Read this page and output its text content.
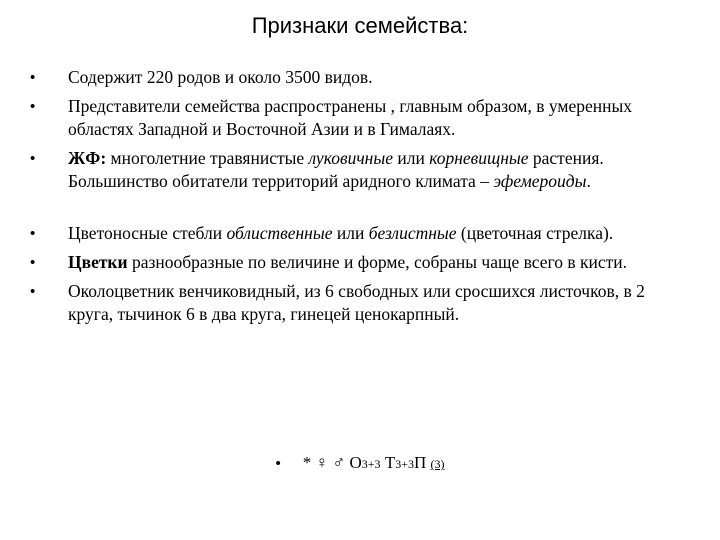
Признаки семейства:
• Содержит 220 родов и около 3500 видов.
• Представители семейства распространены , главным образом, в умеренных областях Западной и Восточной Азии и в Гималаях.
• ЖФ: многолетние травянистые луковичные или корневищные растения. Большинство обитатели территорий аридного климата – эфемероиды.
• Цветоносные стебли облиственные или безлистные (цветочная стрелка).
• Цветки разнообразные по величине и форме, собраны чаще всего в кисти.
• Околоцветник венчиковидный, из 6 свободных или сросшихся листочков, в 2 круга, тычинок 6 в два круга, гинецей ценокарпный.
• * ♀ ♂ О3+3 Т3+3П (3)
